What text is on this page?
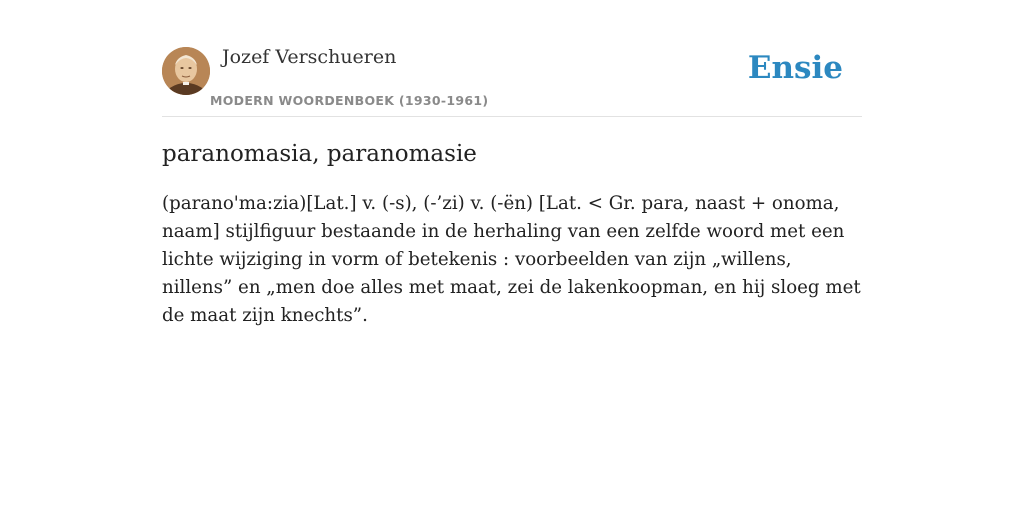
Jozef Verschueren
MODERN WOORDENBOEK (1930-1961)
Ensie
paranomasia, paranomasie
(parano'ma:zia)[Lat.] v. (-s), (-’zi) v. (-ën) [Lat. < Gr. para, naast + onoma, naam] stijlfiguur bestaande in de herhaling van een zelfde woord met een lichte wijziging in vorm of betekenis : voorbeelden van zijn „willens, nillens” en „men doe alles met maat, zei de lakenkoopman, en hij sloeg met de maat zijn knechts”.
